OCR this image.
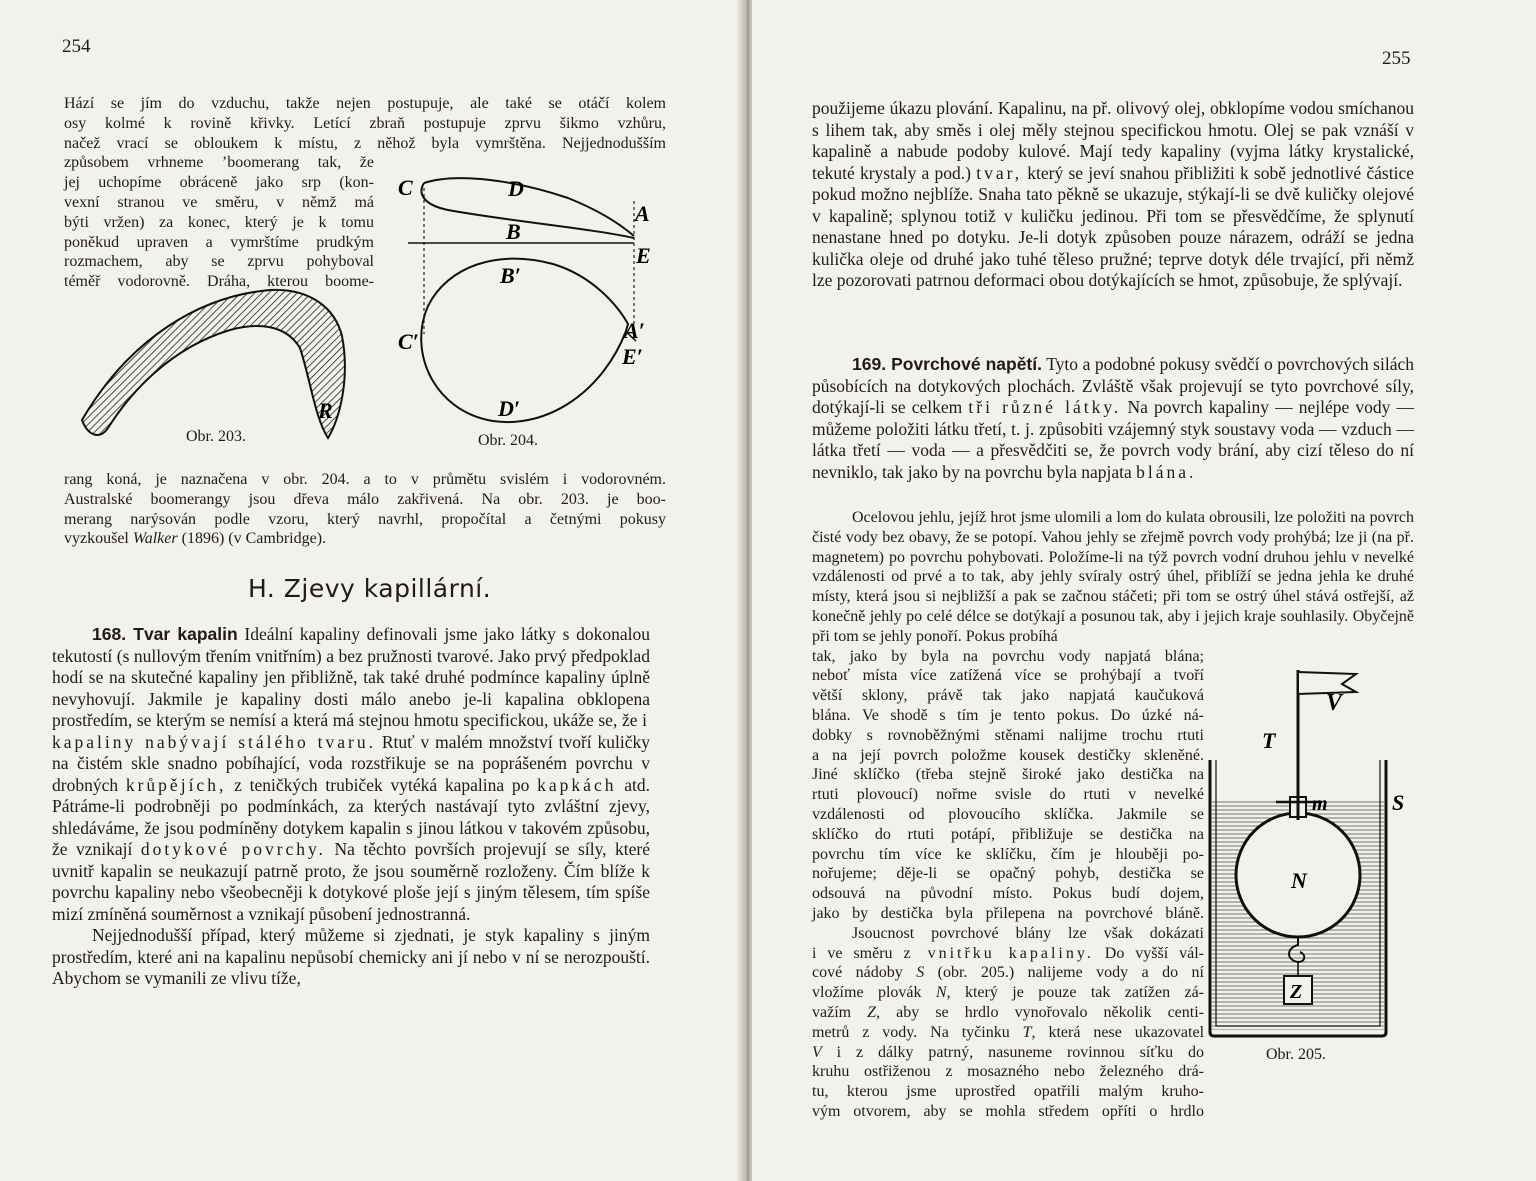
254
Hází se jím do vzduchu, takže nejen postupuje, ale také se otáčí kolem
osy kolmé k rovině křivky. Letící zbraň postupuje zprvu šikmo vzhůru,
načež vrací se obloukem k místu, z něhož byla vymrštěna. Nejjednodušším
způsobem vrhneme ’boomerang tak, že
jej uchopíme obráceně jako srp (kon-
vexní stranou ve směru, v němž má
býti vržen) za konec, který je k tomu
poněkud upraven a vymrštíme prudkým
rozmachem, aby se zprvu pohyboval
téměř vodorovně. Dráha, kterou boome-
R
Obr. 203.
C	D
A
B
E
B′
C′	A′
E′
D′
Obr. 204.
rang koná, je naznačena v obr. 204. a to v průmětu svislém i vodorovném.
Australské boomerangy jsou dřeva málo zakřivená. Na obr. 203. je boo-
merang narýsován podle vzoru, který navrhl, propočítal a četnými pokusy
vyzkoušel Walker (1896) (v Cambridge).
H. Zjevy kapillární.

168. Tvar kapalin Ideální kapaliny definovali jsme jako látky s dokonalou tekutostí (s nullovým třením vnitřním) a bez pružnosti tvarové. Jako prvý předpoklad hodí se na skutečné kapaliny jen přibližně, tak také druhé podmínce kapaliny úplně nevyhovují. Jakmile je kapaliny dosti málo anebo je-li kapalina obklopena prostředím, se kterým se nemísí a která má stejnou hmotu specifickou, ukáže se, že i kapaliny nabývají stálého tvaru. Rtuť v malém množství tvoří kuličky na čistém skle snadno pobíhající, voda rozstřikuje se na poprášeném povrchu v drobných krůpějích, z teničkých trubiček vytéká kapalina po kapkách atd. Pátráme-li podrobněji po podmínkách, za kterých nastávají tyto zvláštní zjevy, shledáváme, že jsou podmíněny dotykem kapalin s jinou látkou v takovém způsobu, že vznikají dotykové povrchy. Na těchto površích projevují se síly, které uvnitř kapalin se neukazují patrně proto, že jsou souměrně rozloženy. Čím blíže k povrchu kapaliny nebo všeobecněji k dotykové ploše její s jiným tělesem, tím spíše mizí zmíněná souměrnost a vznikají působení jednostranná.

Nejjednodušší případ, který můžeme si zjednati, je styk kapaliny s jiným prostředím, které ani na kapalinu nepůsobí chemicky ani jí nebo v ní se nerozpouští. Abychom se vymanili ze vlivu tíže,

255

použijeme úkazu plování. Kapalinu, na př. olivový olej, obklopíme vodou smíchanou s lihem tak, aby směs i olej měly stejnou specifickou hmotu. Olej se pak vznáší v kapalině a nabude podoby kulové. Mají tedy kapaliny (vyjma látky krystalické, tekuté krystaly a pod.) tvar, který se jeví snahou přibližiti k sobě jednotlivé částice pokud možno nejblíže. Snaha tato pěkně se ukazuje, stýkají-li se dvě kuličky olejové v kapalině; splynou totiž v kuličku jedinou. Při tom se přesvědčíme, že splynutí nenastane hned po dotyku. Je-li dotyk způsoben pouze nárazem, odráží se jedna kulička oleje od druhé jako tuhé těleso pružné; teprve dotyk déle trvající, při němž lze pozorovati patrnou deformaci obou dotýkajících se hmot, způsobuje, že splývají.

169. Povrchové napětí. Tyto a podobné pokusy svědčí o povrchových silách působících na dotykových plochách. Zvláště však projevují se tyto povrchové síly, dotýkají-li se celkem tři různé látky. Na povrch kapaliny — nejlépe vody — můžeme položiti látku třetí, t. j. způsobiti vzájemný styk soustavy voda — vzduch — látka třetí — voda — a přesvědčiti se, že povrch vody brání, aby cizí těleso do ní nevniklo, tak jako by na povrchu byla napjata blána.

Ocelovou jehlu, jejíž hrot jsme ulomili a lom do kulata obrousili, lze položiti na povrch čisté vody bez obavy, že se potopí. Vahou jehly se zřejmě povrch vody prohýbá; lze ji (na př. magnetem) po povrchu pohybovati. Položíme-li na týž povrch vodní druhou jehlu v nevelké vzdálenosti od prvé a to tak, aby jehly svíraly ostrý úhel, přiblíží se jedna jehla ke druhé místy, která jsou si nejbližší a pak se začnou stáčeti; při tom se ostrý úhel stává ostřejší, až konečně jehly po celé délce se dotýkají a posunou tak, aby i jejich kraje souhlasily. Obyčejně při tom se jehly ponoří. Pokus probíhá

tak, jako by byla na povrchu vody napjatá blána;
neboť místa více zatížená více se prohýbají a tvoří
větší sklony, právě tak jako napjatá kaučuková
blána. Ve shodě s tím je tento pokus. Do úzké ná-
dobky s rovnoběžnými stěnami nalijme trochu rtuti
a na její povrch položme kousek destičky skleněné.
Jiné sklíčko (třeba stejně široké jako destička na
rtuti plovoucí) nořme svisle do rtuti v nevelké
vzdálenosti od plovoucího sklíčka. Jakmile se
sklíčko do rtuti potápí, přibližuje se destička na
povrchu tím více ke sklíčku, čím je hlouběji po-
nořujeme; děje-li se opačný pohyb, destička se
odsouvá na původní místo. Pokus budí dojem,
jako by destička byla přilepena na povrchové bláně.
Jsoucnost povrchové blány lze však dokázati
i ve směru z vnitřku kapaliny. Do vyšší vál-
cové nádoby S (obr. 205.) nalijeme vody a do ní
vložíme plovák N, který je pouze tak zatížen zá-
važím Z, aby se hrdlo vynořovalo několik centi-
metrů z vody. Na tyčinku T, která nese ukazovatel
V i z dálky patrný, nasuneme rovinnou síťku do
kruhu ostřiženou z mosazného nebo železného drá-
tu, kterou jsme uprostřed opatřili malým kruho-
vým otvorem, aby se mohla středem opříti o hrdlo
V
T
m	S
N
Z
Obr. 205.
